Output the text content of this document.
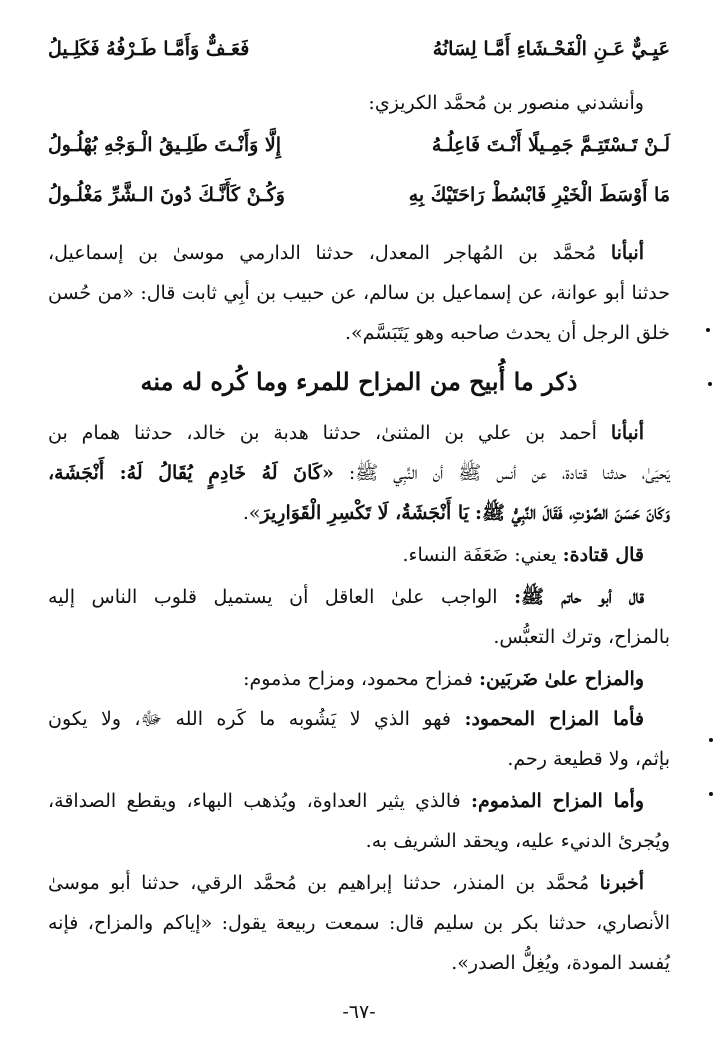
عَيِـيٌّ عَـنِ الْفَحْـشَاءِ أَمَّـا لِسَانُهُ
فَعَـفٌّ وَأَمَّـا طَـرْفُهُ فَكَلِـيلُ
وأنشدني منصور بن مُحمَّد الكريزي:
لَـنْ تَـسْتَتِـمَّ جَمِـيلًا أَنْـتَ فَاعِلُـهُ
إِلَّا وَأَنْـتَ طَلِـيقُ الْـوَجْهِ بُهْلُـولُ
مَا أَوْسَطَ الْخَيْرِ فَابْسُطْ رَاحَتَيْكَ بِهِ
وَكُـنْ كَأَنَّـكَ دُونَ الـشَّرِّ مَغْلُـولُ
أنبأنا مُحمَّد بن المُهاجر المعدل، حدثنا الدارمي موسىٰ بن إسماعيل،
حدثنا أبو عوانة، عن إسماعيل بن سالم، عن حبيب بن أبِي ثابت قال: «من حُسن
خلق الرجل أن يحدث صاحبه وهو يَتَبَسَّم».
ذكر ما أُبيح من المزاح للمرء وما كُره له منه
أنبأنا أحمد بن علي بن المثنىٰ، حدثنا هدبة بن خالد، حدثنا همام بن
يَحيَىٰ، حدثنا قتادة، عن أنس ﷺ أن النَّبِي ﷺ: «كَانَ لَهُ خَادِمٍ يُقَالُ لَهُ: أَنْجَشَة،
وَكَانَ حَسَنَ الصَّوْتِ، فَقَالَ النَّبِيُّ ﷺ: يَا أَنْجَشَةُ، لَا تَكْسِرِ الْقَوَارِيرَ».
قال قتادة: يعني: ضَعَفَة النساء.
قال أبو حاتم ﷺ: الواجب علىٰ العاقل أن يستميل قلوب الناس إليه
بالمزاح، وترك التعبُّس.
والمزاح علىٰ ضَربَين: فمزاح محمود، ومزاح مذموم:
فأما المزاح المحمود: فهو الذي لا يَشُوبه ما كَره الله ﷻ، ولا يكون
بإثم، ولا قطيعة رحم.
وأما المزاح المذموم: فالذي يثير العداوة، ويُذهب البهاء، ويقطع الصداقة،
ويُجرئ الدنيء عليه، ويحقد الشريف به.
أخبرنا مُحمَّد بن المنذر، حدثنا إبراهيم بن مُحمَّد الرقي، حدثنا أبو موسىٰ
الأنصاري، حدثنا بكر بن سليم قال: سمعت ربيعة يقول: «إياكم والمزاح، فإنه
يُفسد المودة، ويُغِلُّ الصدر».
-٦٧-
